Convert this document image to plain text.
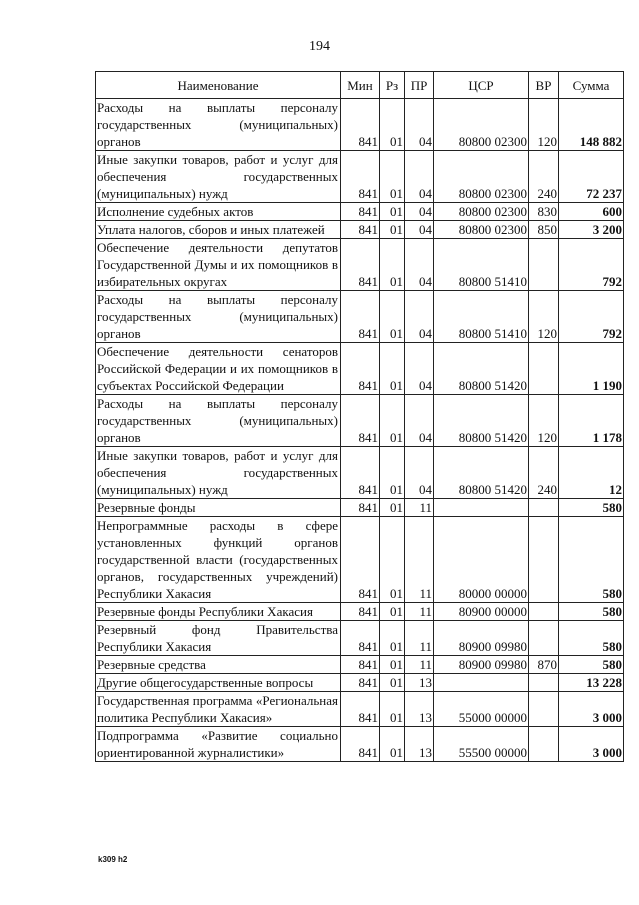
194
Наименование	Мин	Рз	ПР	ЦСР	ВР	Сумма
Расходы на выплаты персоналу государственных (муниципальных) органов	841	01	04	80800 02300	120	148 882
Иные закупки товаров, работ и услуг для обеспечения государственных (муниципальных) нужд	841	01	04	80800 02300	240	72 237
Исполнение судебных актов	841	01	04	80800 02300	830	600
Уплата налогов, сборов и иных платежей	841	01	04	80800 02300	850	3 200
Обеспечение деятельности депутатов Государственной Думы и их помощников в избирательных округах	841	01	04	80800 51410		792
Расходы на выплаты персоналу государственных (муниципальных) органов	841	01	04	80800 51410	120	792
Обеспечение деятельности сенаторов Российской Федерации и их помощников в субъектах Российской Федерации	841	01	04	80800 51420		1 190
Расходы на выплаты персоналу государственных (муниципальных) органов	841	01	04	80800 51420	120	1 178
Иные закупки товаров, работ и услуг для обеспечения государственных (муниципальных) нужд	841	01	04	80800 51420	240	12
Резервные фонды	841	01	11			580
Непрограммные расходы в сфере установленных функций органов государственной власти (государственных органов, государственных учреждений) Республики Хакасия	841	01	11	80000 00000		580
Резервные фонды Республики Хакасия	841	01	11	80900 00000		580
Резервный фонд Правительства Республики Хакасия	841	01	11	80900 09980		580
Резервные средства	841	01	11	80900 09980	870	580
Другие общегосударственные вопросы	841	01	13			13 228
Государственная программа «Региональная политика Республики Хакасия»	841	01	13	55000 00000		3 000
Подпрограмма «Развитие социально ориентированной журналистики»	841	01	13	55500 00000		3 000
k309 h2
